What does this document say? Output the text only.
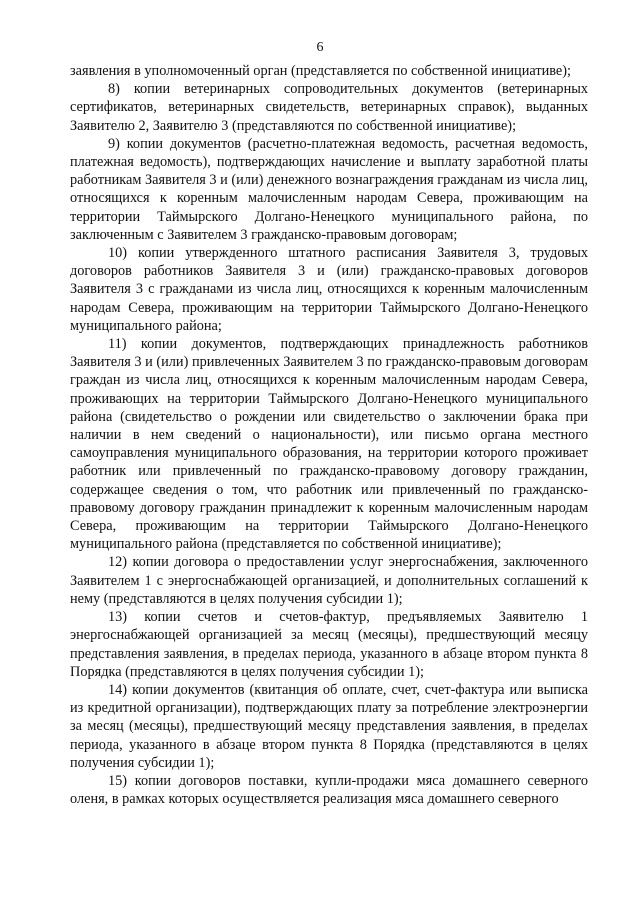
6

заявления в уполномоченный орган (представляется по собственной инициативе);

8) копии ветеринарных сопроводительных документов (ветеринарных сертификатов, ветеринарных свидетельств, ветеринарных справок), выданных Заявителю 2, Заявителю 3 (представляются по собственной инициативе);

9) копии документов (расчетно-платежная ведомость, расчетная ведомость, платежная ведомость), подтверждающих начисление и выплату заработной платы работникам Заявителя 3 и (или) денежного вознаграждения гражданам из числа лиц, относящихся к коренным малочисленным народам Севера, проживающим на территории Таймырского Долгано-Ненецкого муниципального района, по заключенным с Заявителем 3 гражданско-правовым договорам;

10) копии утвержденного штатного расписания Заявителя 3, трудовых договоров работников Заявителя 3 и (или) гражданско-правовых договоров Заявителя 3 с гражданами из числа лиц, относящихся к коренным малочисленным народам Севера, проживающим на территории Таймырского Долгано-Ненецкого муниципального района;

11) копии документов, подтверждающих принадлежность работников Заявителя 3 и (или) привлеченных Заявителем 3 по гражданско-правовым договорам граждан из числа лиц, относящихся к коренным малочисленным народам Севера, проживающих на территории Таймырского Долгано-Ненецкого муниципального района (свидетельство о рождении или свидетельство о заключении брака при наличии в нем сведений о национальности), или письмо органа местного самоуправления муниципального образования, на территории которого проживает работник или привлеченный по гражданско-правовому договору гражданин, содержащее сведения о том, что работник или привлеченный по гражданско-правовому договору гражданин принадлежит к коренным малочисленным народам Севера, проживающим на территории Таймырского Долгано-Ненецкого муниципального района (представляется по собственной инициативе);

12) копии договора о предоставлении услуг энергоснабжения, заключенного Заявителем 1 с энергоснабжающей организацией, и дополнительных соглашений к нему (представляются в целях получения субсидии 1);

13) копии счетов и счетов-фактур, предъявляемых Заявителю 1 энергоснабжающей организацией за месяц (месяцы), предшествующий месяцу представления заявления, в пределах периода, указанного в абзаце втором пункта 8 Порядка (представляются в целях получения субсидии 1);

14) копии документов (квитанция об оплате, счет, счет-фактура или выписка из кредитной организации), подтверждающих плату за потребление электроэнергии за месяц (месяцы), предшествующий месяцу представления заявления, в пределах периода, указанного в абзаце втором пункта 8 Порядка (представляются в целях получения субсидии 1);

15) копии договоров поставки, купли-продажи мяса домашнего северного оленя, в рамках которых осуществляется реализация мяса домашнего северного
